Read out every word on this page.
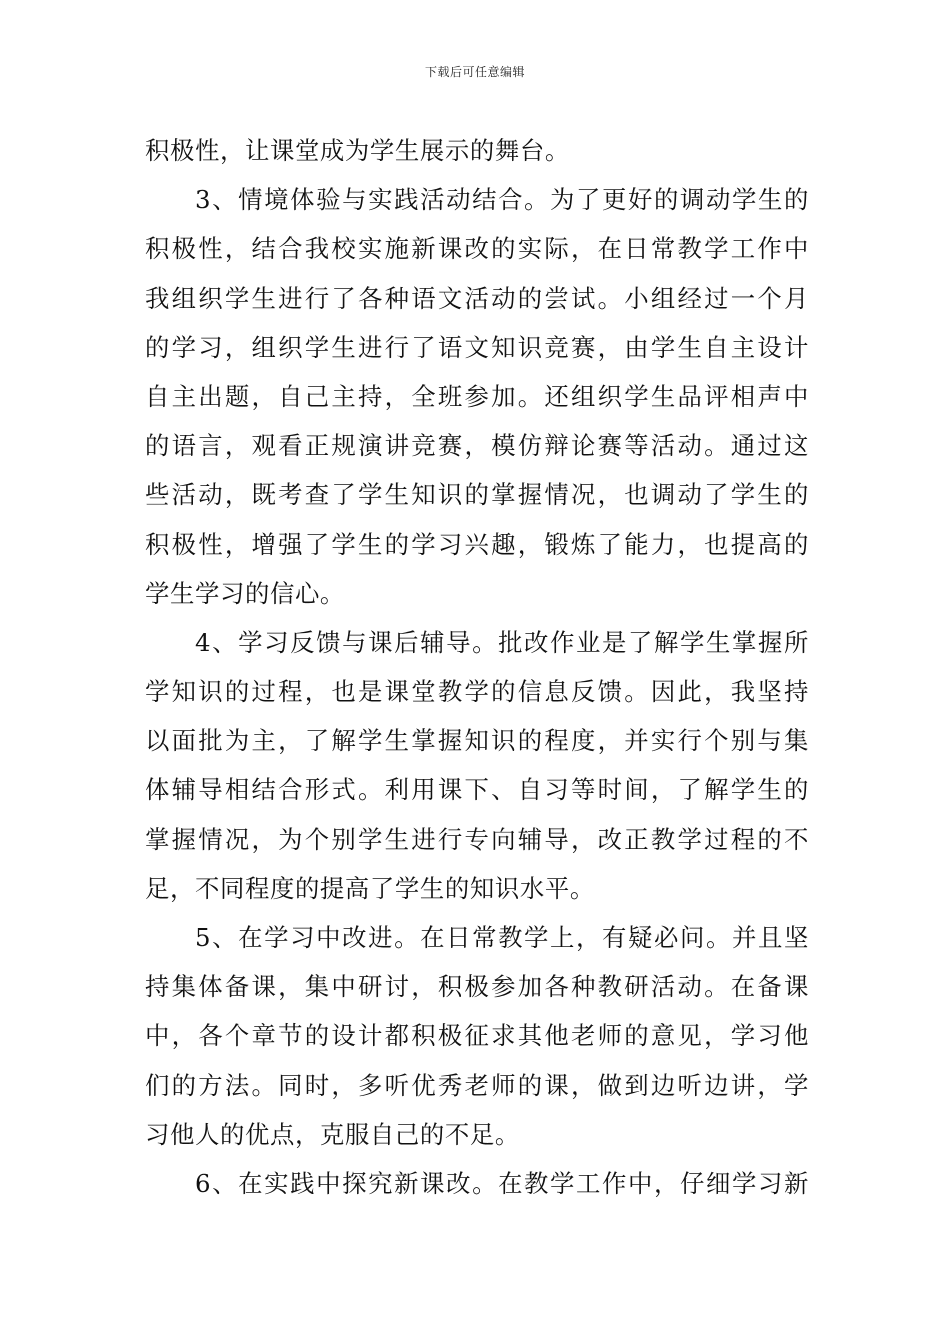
下载后可任意编辑
积极性，让课堂成为学生展示的舞台。
3、情境体验与实践活动结合。为了更好的调动学生的
积极性，结合我校实施新课改的实际，在日常教学工作中
我组织学生进行了各种语文活动的尝试。小组经过一个月
的学习，组织学生进行了语文知识竞赛，由学生自主设计
自主出题，自己主持，全班参加。还组织学生品评相声中
的语言，观看正规演讲竞赛，模仿辩论赛等活动。通过这
些活动，既考查了学生知识的掌握情况，也调动了学生的
积极性，增强了学生的学习兴趣，锻炼了能力，也提高的
学生学习的信心。
4、学习反馈与课后辅导。批改作业是了解学生掌握所
学知识的过程，也是课堂教学的信息反馈。因此，我坚持
以面批为主，了解学生掌握知识的程度，并实行个别与集
体辅导相结合形式。利用课下、自习等时间，了解学生的
掌握情况，为个别学生进行专向辅导，改正教学过程的不
足，不同程度的提高了学生的知识水平。
5、在学习中改进。在日常教学上，有疑必问。并且坚
持集体备课，集中研讨，积极参加各种教研活动。在备课
中，各个章节的设计都积极征求其他老师的意见，学习他
们的方法。同时，多听优秀老师的课，做到边听边讲，学
习他人的优点，克服自己的不足。
6、在实践中探究新课改。在教学工作中，仔细学习新
